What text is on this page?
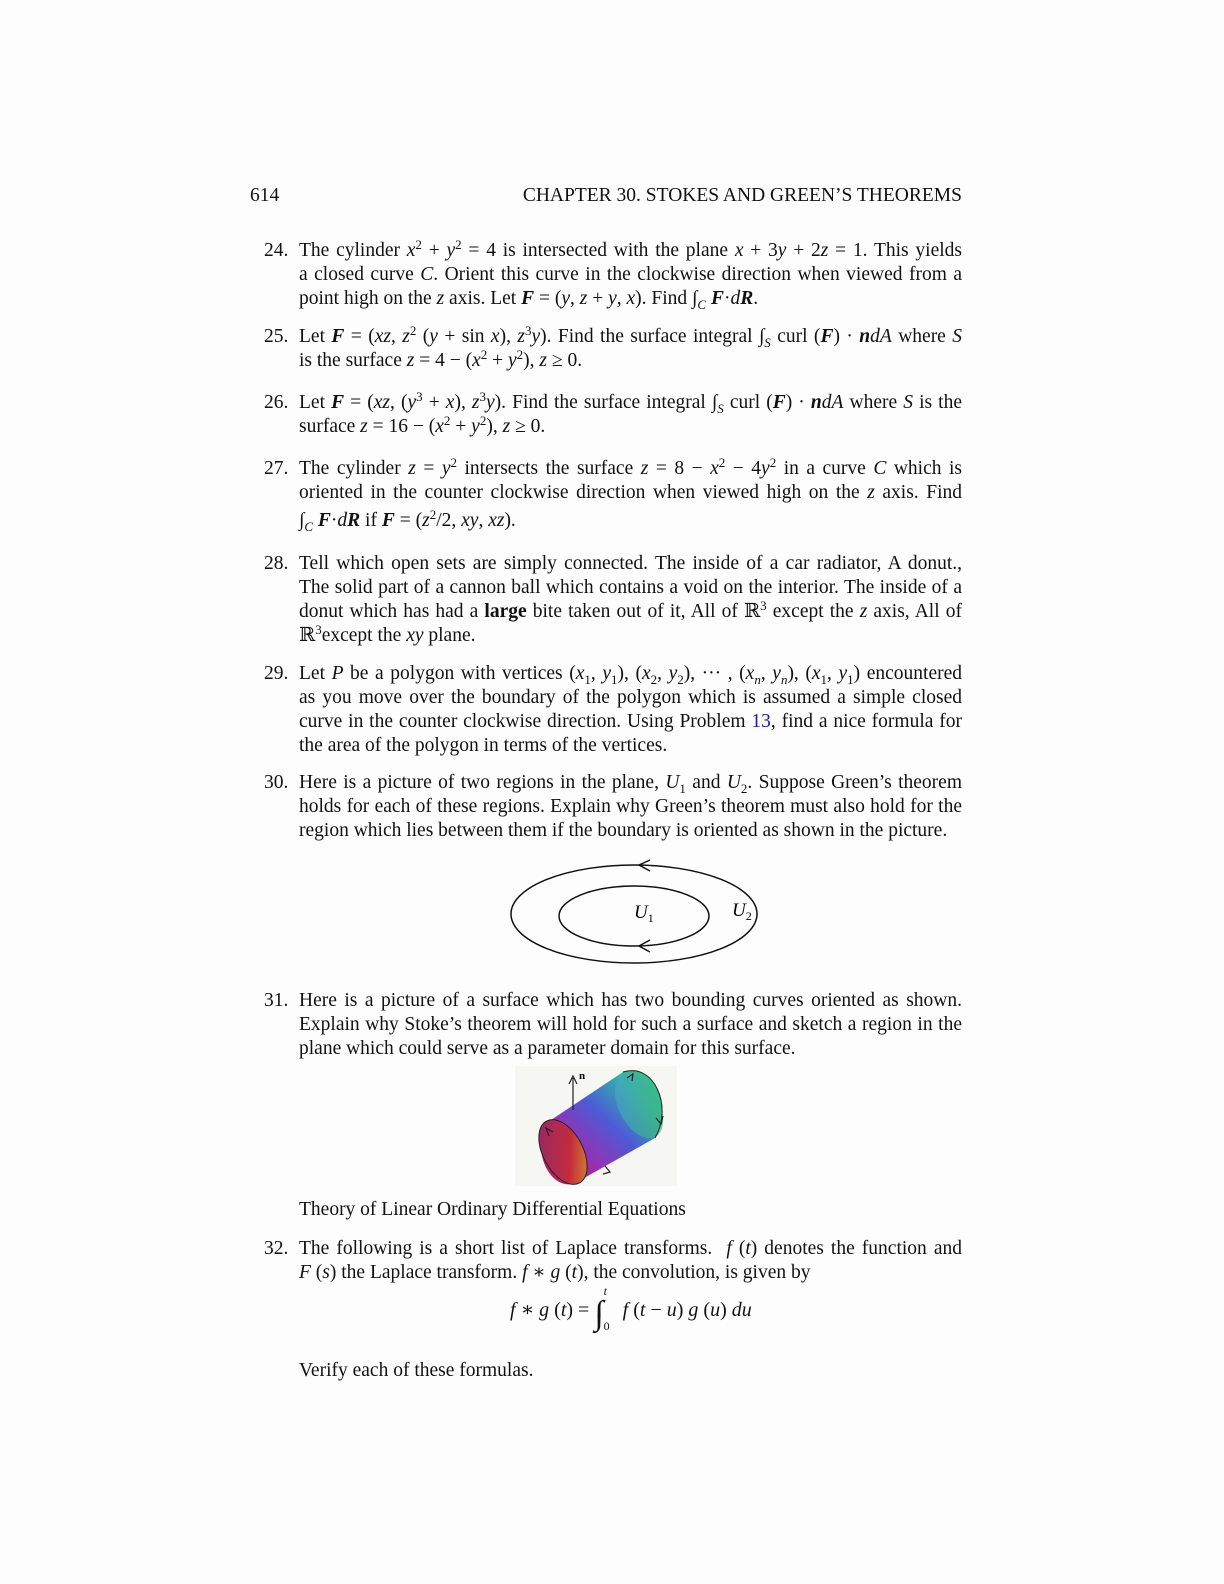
614	CHAPTER 30. STOKES AND GREEN’S THEOREMS
24. The cylinder $x^2 + y^2 = 4$ is intersected with the plane x + 3y + 2z = 1. This yields
a closed curve C. Orient this curve in the clockwise direction when viewed from a
point high on the z axis. Let F = (y, z + y, x). Find $\int_C$ F·dR.
25. Let F = (xz, $z^2$ (y + sin x), $z^3y$). Find the surface integral $\int_S$ curl (F) · ndA where S
is the surface $z = 4 - (x^2 + y^2)$, z ≥ 0.
26. Let F = (xz, $(y^3 + x)$, $z^3y$). Find the surface integral $\int_S$ curl (F) · ndA where S is the
surface $z = 16 - (x^2 + y^2)$, z ≥ 0.
27. The cylinder $z = y^2$ intersects the surface $z = 8 - x^2 - 4y^2$ in a curve C which is
oriented in the counter clockwise direction when viewed high on the z axis. Find
$\int_C$ F·dR if $F = (z^2/2$, xy, xz).
28. Tell which open sets are simply connected. The inside of a car radiator, A donut.,
The solid part of a cannon ball which contains a void on the interior. The inside of a
donut which has had a large bite taken out of it, All of ℝ$^3$ except the z axis, All of
ℝ$^3$except the xy plane.
29. Let P be a polygon with vertices ($x_1$, $y_1$), ($x_2$, $y_2$), ··· , ($x_n$, $y_n$), ($x_1$, $y_1$) encountered
as you move over the boundary of the polygon which is assumed a simple closed
curve in the counter clockwise direction. Using Problem 13, find a nice formula for
the area of the polygon in terms of the vertices.
30. Here is a picture of two regions in the plane, $U_1$ and $U_2$. Suppose Green’s theorem
holds for each of these regions. Explain why Green’s theorem must also hold for the
region which lies between them if the boundary is oriented as shown in the picture.
$U_1$	$U_2$
31. Here is a picture of a surface which has two bounding curves oriented as shown.
Explain why Stoke’s theorem will hold for such a surface and sketch a region in the
plane which could serve as a parameter domain for this surface.
n
Theory of Linear Ordinary Differential Equations
32. The following is a short list of Laplace transforms.  f (t) denotes the function and
F (s) the Laplace transform. f ∗ g (t), the convolution, is given by
f ∗ g (t) = ∫
t
0
f (t − u) g (u) du
Verify each of these formulas.
